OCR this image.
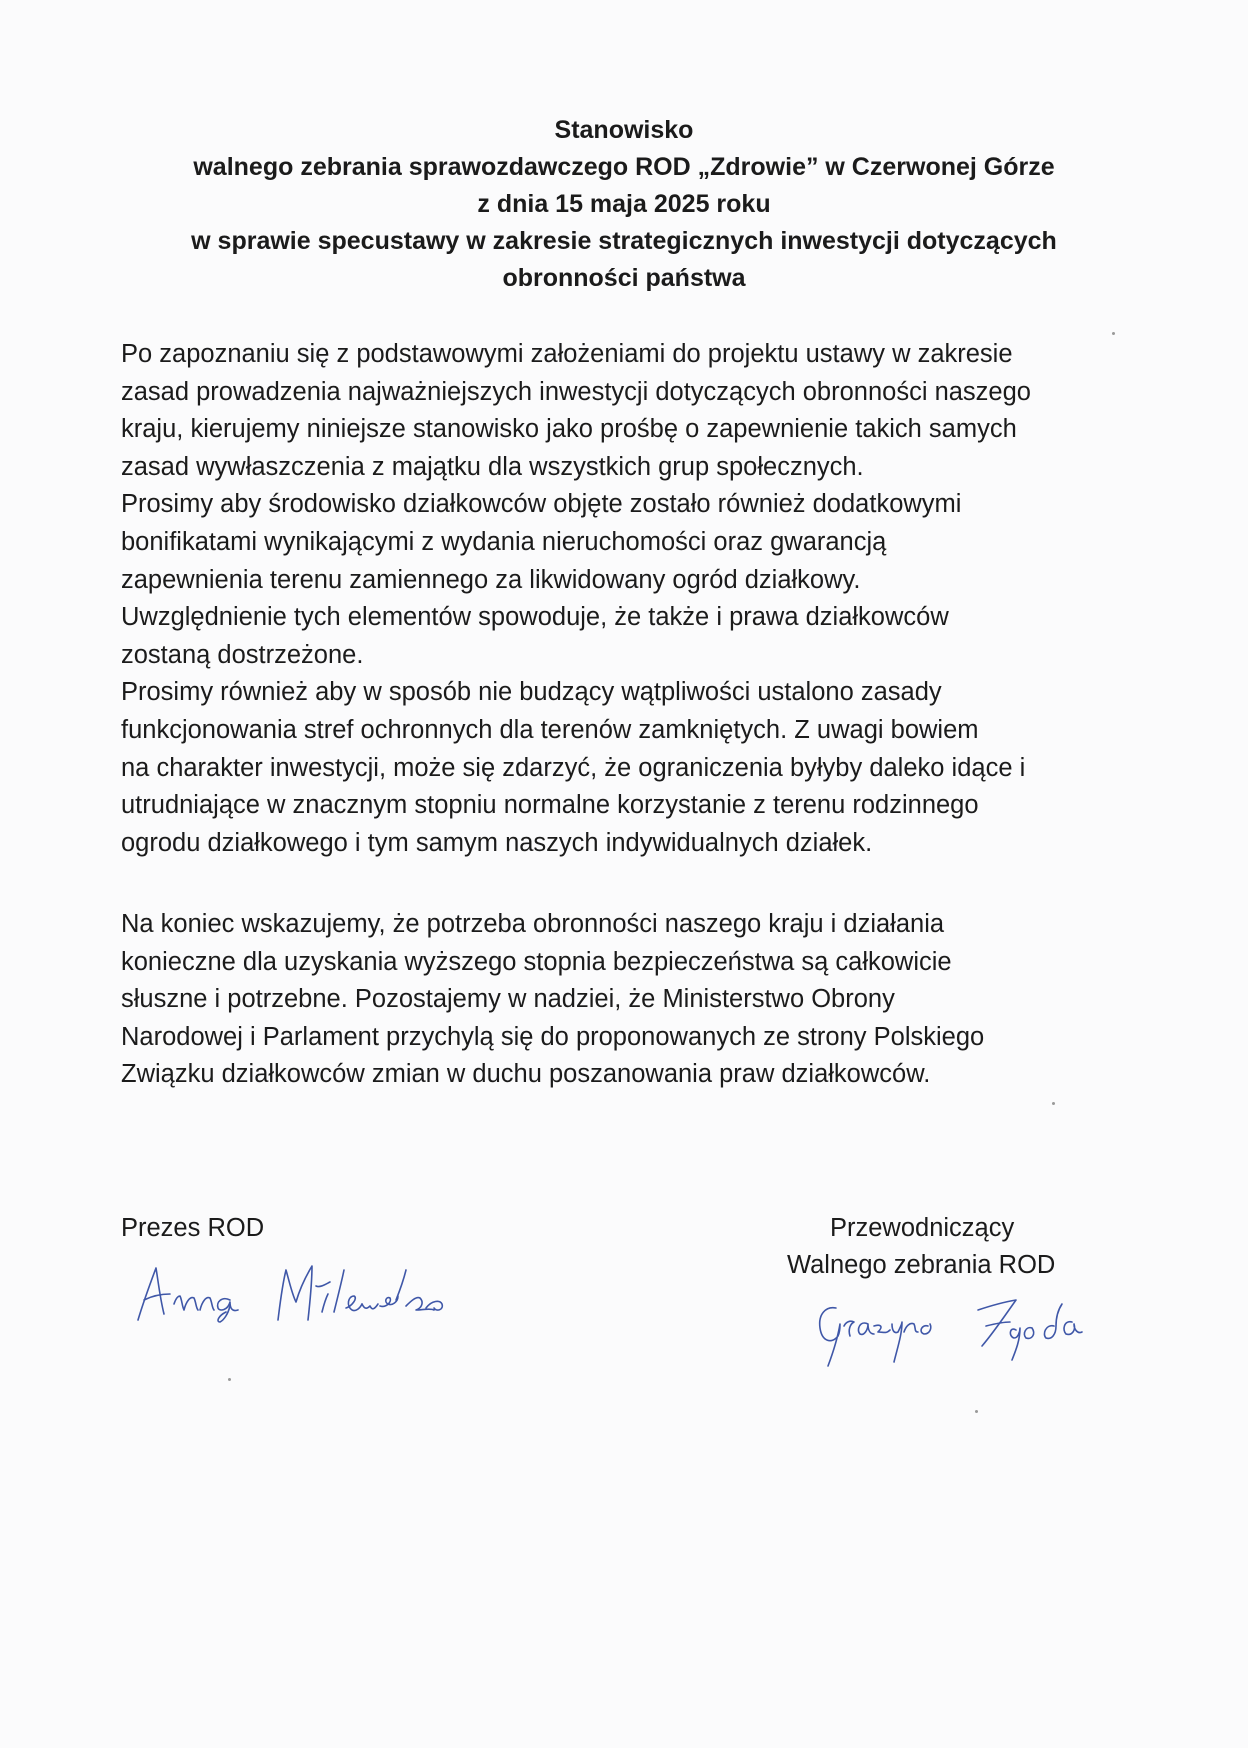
Stanowisko
walnego zebrania sprawozdawczego ROD „Zdrowie” w Czerwonej Górze
z dnia 15 maja 2025 roku
w sprawie specustawy w zakresie strategicznych inwestycji dotyczących
obronności państwa
Po zapoznaniu się z podstawowymi założeniami do projektu ustawy w zakresie
zasad prowadzenia najważniejszych inwestycji dotyczących obronności naszego
kraju, kierujemy niniejsze stanowisko jako prośbę o zapewnienie takich samych
zasad wywłaszczenia z majątku dla wszystkich grup społecznych.
Prosimy aby środowisko działkowców objęte zostało również dodatkowymi
bonifikatami wynikającymi z wydania nieruchomości oraz gwarancją
zapewnienia terenu zamiennego za likwidowany ogród działkowy.
Uwzględnienie tych elementów spowoduje, że także i prawa działkowców
zostaną dostrzeżone.
Prosimy również aby w sposób nie budzący wątpliwości ustalono zasady
funkcjonowania stref ochronnych dla terenów zamkniętych. Z uwagi bowiem
na charakter inwestycji, może się zdarzyć, że ograniczenia byłyby daleko idące i
utrudniające w znacznym stopniu normalne korzystanie z terenu rodzinnego
ogrodu działkowego i tym samym naszych indywidualnych działek.
Na koniec wskazujemy, że potrzeba obronności naszego kraju i działania
konieczne dla uzyskania wyższego stopnia bezpieczeństwa są całkowicie
słuszne i potrzebne. Pozostajemy w nadziei, że Ministerstwo Obrony
Narodowej i Parlament przychylą się do proponowanych ze strony Polskiego
Związku działkowców zmian w duchu poszanowania praw działkowców.
Prezes ROD	Przewodniczący
Walnego zebrania ROD
